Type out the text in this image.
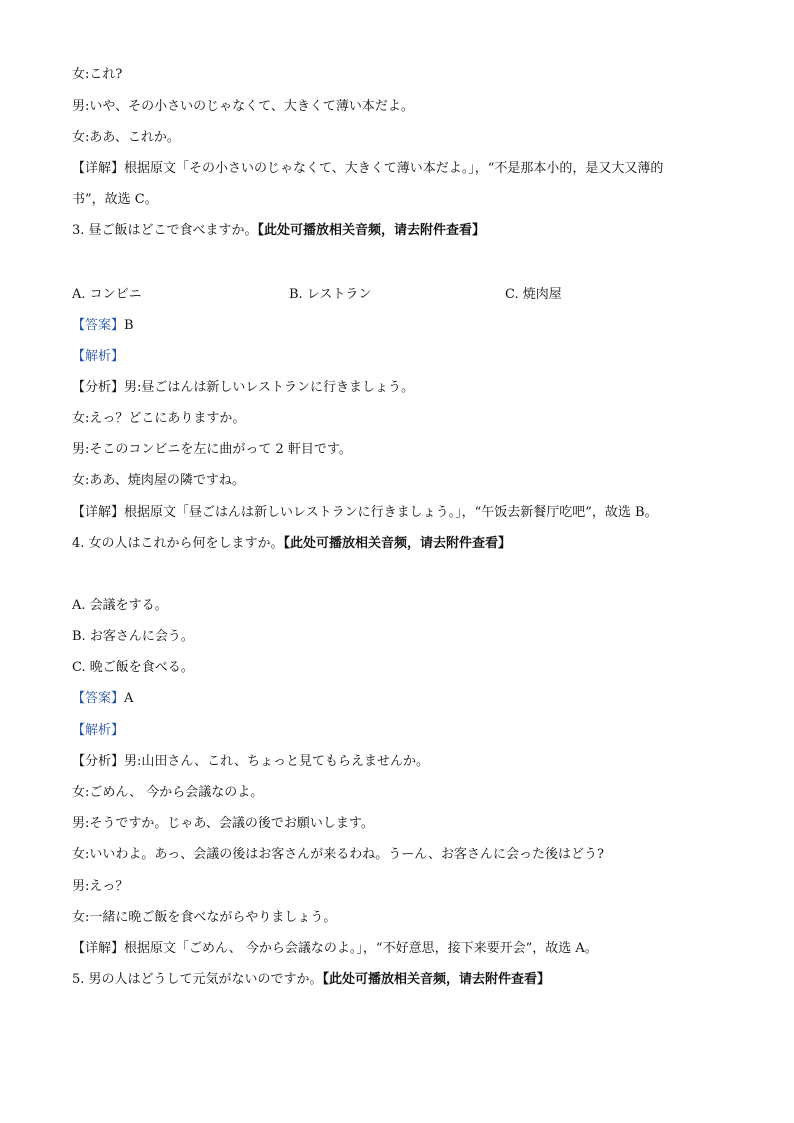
女:これ?
男:いや、その小さいのじゃなくて、大きくて薄い本だよ。
女:ああ、これか。
【详解】根据原文「その小さいのじゃなくて、大きくて薄い本だよ。」，“不是那本小的，是又大又薄的
书”，故选 C。
3. 昼ご飯はどこで食べますか。【此处可播放相关音频，请去附件查看】
A. コンビニ	B. レストラン	C. 焼肉屋
【答案】B
【解析】
【分析】男:昼ごはんは新しいレストランに行きましょう。
女:えっ？どこにありますか。
男:そこのコンビニを左に曲がって 2 軒目です。
女:ああ、焼肉屋の隣ですね。
【详解】根据原文「昼ごはんは新しいレストランに行きましょう。」，“午饭去新餐厅吃吧”，故选 B。
4. 女の人はこれから何をしますか。【此处可播放相关音频，请去附件查看】
A. 会議をする。
B. お客さんに会う。
C. 晩ご飯を食べる。
【答案】A
【解析】
【分析】男:山田さん、これ、ちょっと見てもらえませんか。
女:ごめん、 今から会議なのよ。
男:そうですか。じゃあ、会議の後でお願いします。
女:いいわよ。あっ、会議の後はお客さんが来るわね。うーん、お客さんに会った後はどう?
男:えっ？
女:一緒に晩ご飯を食べながらやりましょう。
【详解】根据原文「ごめん、 今から会議なのよ。」，“不好意思，接下来要开会”，故选 A。
5. 男の人はどうして元気がないのですか。【此处可播放相关音频，请去附件查看】
